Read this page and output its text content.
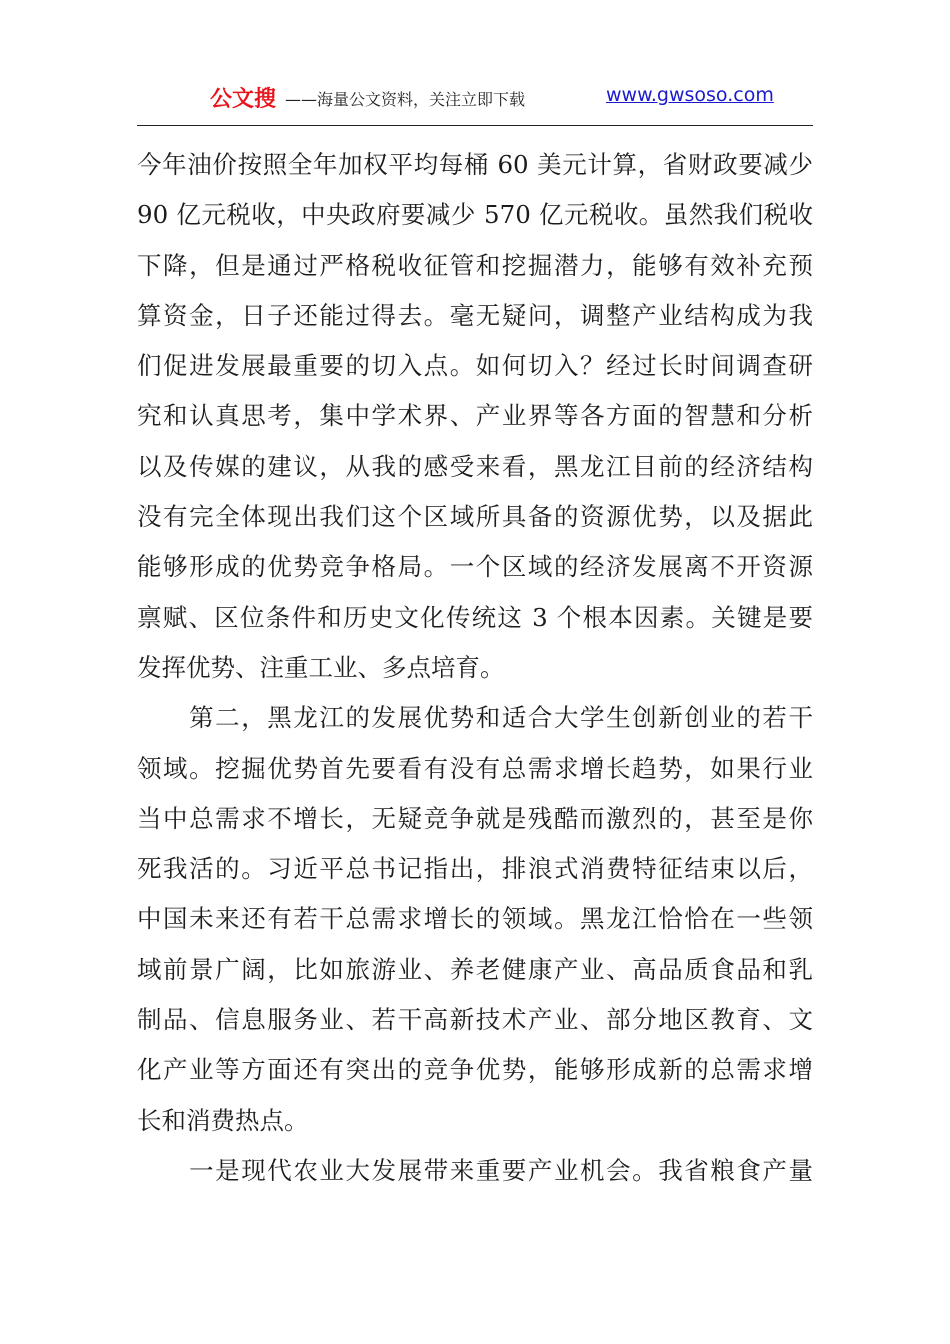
公文搜 ——海量公文资料，关注立即下载	www.gwsoso.com
今年油价按照全年加权平均每桶 60 美元计算，省财政要减少
90 亿元税收，中央政府要减少 570 亿元税收。虽然我们税收
下降，但是通过严格税收征管和挖掘潜力，能够有效补充预
算资金，日子还能过得去。毫无疑问，调整产业结构成为我
们促进发展最重要的切入点。如何切入？经过长时间调查研
究和认真思考，集中学术界、产业界等各方面的智慧和分析
以及传媒的建议，从我的感受来看，黑龙江目前的经济结构
没有完全体现出我们这个区域所具备的资源优势，以及据此
能够形成的优势竞争格局。一个区域的经济发展离不开资源
禀赋、区位条件和历史文化传统这 3 个根本因素。关键是要
发挥优势、注重工业、多点培育。
　　第二，黑龙江的发展优势和适合大学生创新创业的若干
领域。挖掘优势首先要看有没有总需求增长趋势，如果行业
当中总需求不增长，无疑竞争就是残酷而激烈的，甚至是你
死我活的。习近平总书记指出，排浪式消费特征结束以后，
中国未来还有若干总需求增长的领域。黑龙江恰恰在一些领
域前景广阔，比如旅游业、养老健康产业、高品质食品和乳
制品、信息服务业、若干高新技术产业、部分地区教育、文
化产业等方面还有突出的竞争优势，能够形成新的总需求增
长和消费热点。
　　一是现代农业大发展带来重要产业机会。我省粮食产量
